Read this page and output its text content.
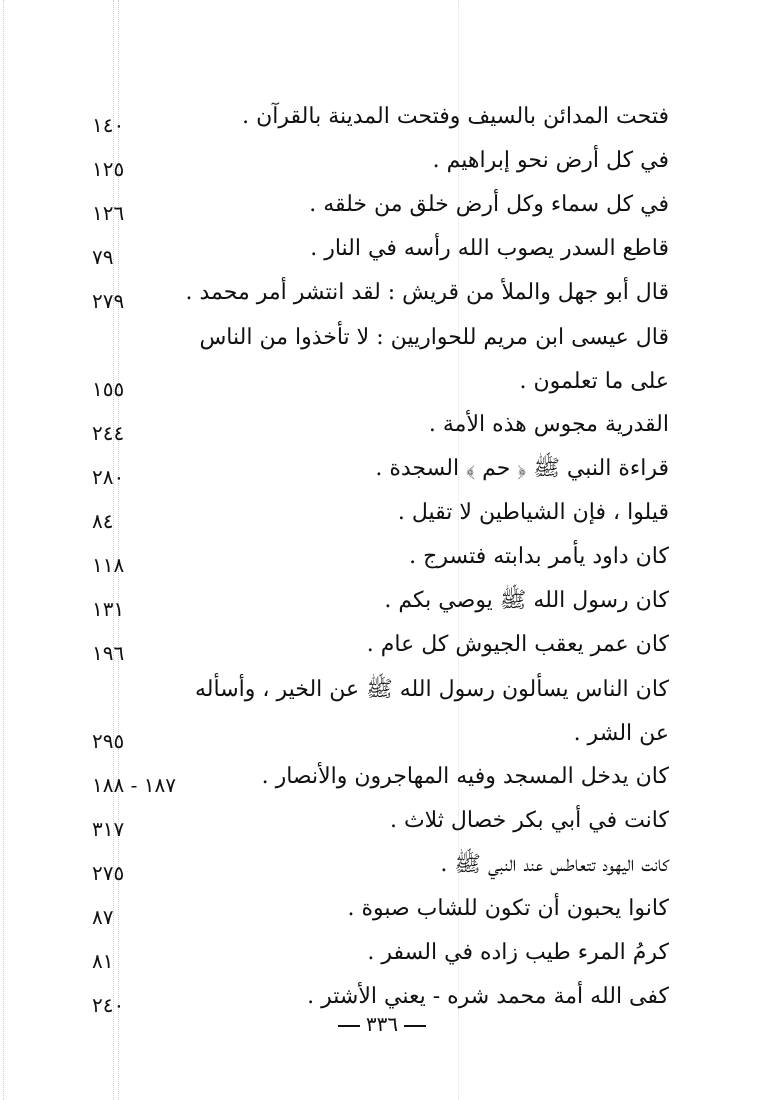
فتحت المدائن بالسيف وفتحت المدينة بالقرآن .
١٤٠
في كل أرض نحو إبراهيم .
١٢٥
في كل سماء وكل أرض خلق من خلقه .
١٢٦
قاطع السدر يصوب الله رأسه في النار .
٧٩
قال أبو جهل والملأ من قريش : لقد انتشر أمر محمد .
٢٧٩
قال عيسى ابن مريم للحواريين : لا تأخذوا من الناس على ما تعلمون .
١٥٥
القدرية مجوس هذه الأمة .
٢٤٤
قراءة النبي ﷺ ﴿ حم ﴾ السجدة .
٢٨٠
قيلوا ، فإن الشياطين لا تقيل .
٨٤
كان داود يأمر بدابته فتسرج .
١١٨
كان رسول الله ﷺ يوصي بكم .
١٣١
كان عمر يعقب الجيوش كل عام .
١٩٦
كان الناس يسألون رسول الله ﷺ عن الخير ، وأسأله عن الشر .
٢٩٥
كان يدخل المسجد وفيه المهاجرون والأنصار .
١٨٧ - ١٨٨
كانت في أبي بكر خصال ثلاث .
٣١٧
كانت اليهود تتعاطس عند النبي ﷺ .
٢٧٥
كانوا يحبون أن تكون للشاب صبوة .
٨٧
كرمُ المرء طيب زاده في السفر .
٨١
كفى الله أمة محمد شره - يعني الأشتر .
٢٤٠
٣٣٦
